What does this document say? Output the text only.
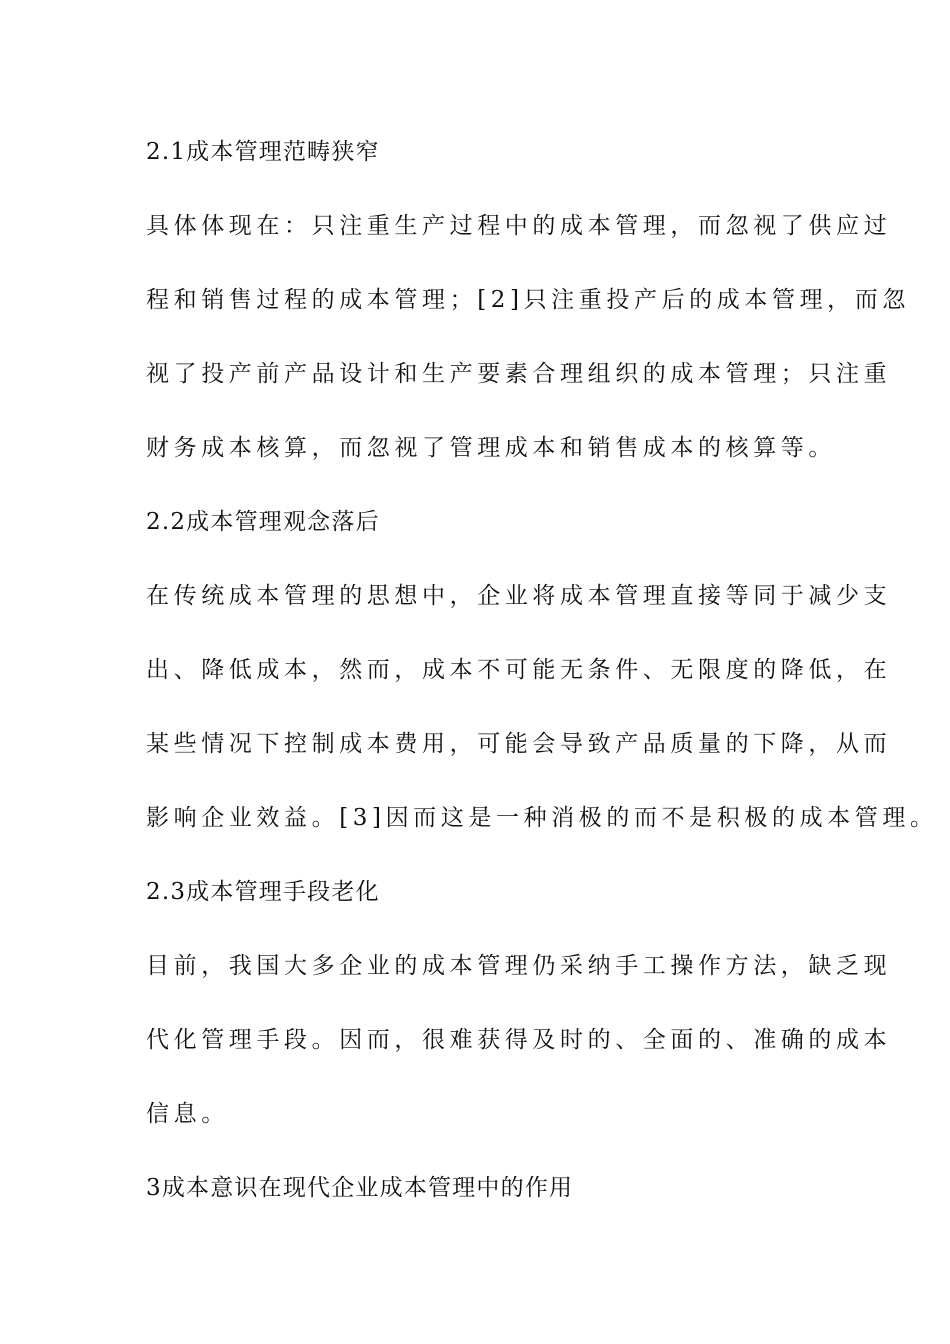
2.1成本管理范畴狭窄
具体体现在：只注重生产过程中的成本管理，而忽视了供应过
程和销售过程的成本管理；[2]只注重投产后的成本管理，而忽
视了投产前产品设计和生产要素合理组织的成本管理；只注重
财务成本核算，而忽视了管理成本和销售成本的核算等。
2.2成本管理观念落后
在传统成本管理的思想中，企业将成本管理直接等同于减少支
出、降低成本，然而，成本不可能无条件、无限度的降低，在
某些情况下控制成本费用，可能会导致产品质量的下降，从而
影响企业效益。[3]因而这是一种消极的而不是积极的成本管理。
2.3成本管理手段老化
目前，我国大多企业的成本管理仍采纳手工操作方法，缺乏现
代化管理手段。因而，很难获得及时的、全面的、准确的成本
信息。
3成本意识在现代企业成本管理中的作用
